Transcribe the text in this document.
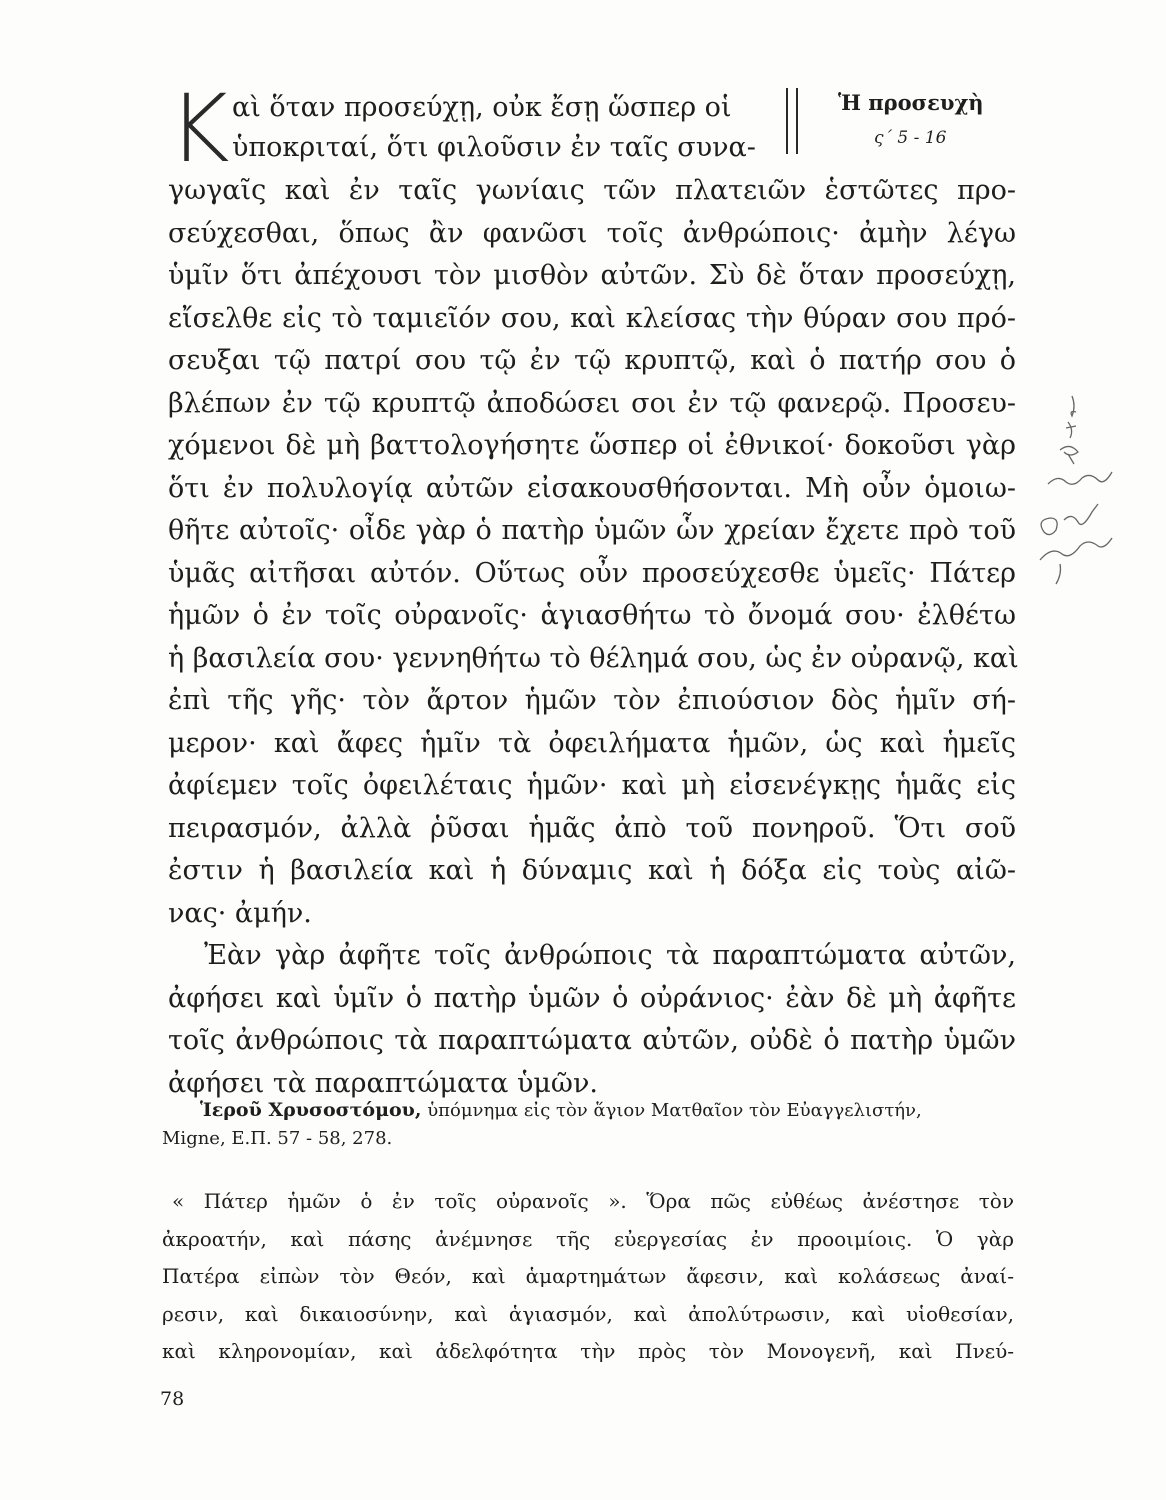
Κ αὶ ὅταν προσεύχῃ, οὐκ ἔσῃ ὥσπερ οἱ
ὑποκριταί, ὅτι φιλοῦσιν ἐν ταῖς συνα-
Ἡ προσευχὴ
ς´ 5 - 16
γωγαῖς καὶ ἐν ταῖς γωνίαις τῶν πλατειῶν ἑστῶτες προ-
σεύχεσθαι, ὅπως ἂν φανῶσι τοῖς ἀνθρώποις· ἀμὴν λέγω
ὑμῖν ὅτι ἀπέχουσι τὸν μισθὸν αὐτῶν. Σὺ δὲ ὅταν προσεύχῃ,
εἴσελθε εἰς τὸ ταμιεῖόν σου, καὶ κλείσας τὴν θύραν σου πρό-
σευξαι τῷ πατρί σου τῷ ἐν τῷ κρυπτῷ, καὶ ὁ πατήρ σου ὁ
βλέπων ἐν τῷ κρυπτῷ ἀποδώσει σοι ἐν τῷ φανερῷ. Προσευ-
χόμενοι δὲ μὴ βαττολογήσητε ὥσπερ οἱ ἐθνικοί· δοκοῦσι γὰρ
ὅτι ἐν πολυλογίᾳ αὐτῶν εἰσακουσθήσονται. Μὴ οὖν ὁμοιω-
θῆτε αὐτοῖς· οἶδε γὰρ ὁ πατὴρ ὑμῶν ὧν χρείαν ἔχετε πρὸ τοῦ
ὑμᾶς αἰτῆσαι αὐτόν. Οὕτως οὖν προσεύχεσθε ὑμεῖς· Πάτερ
ἡμῶν ὁ ἐν τοῖς οὐρανοῖς· ἁγιασθήτω τὸ ὄνομά σου· ἐλθέτω
ἡ βασιλεία σου· γεννηθήτω τὸ θέλημά σου, ὡς ἐν οὐρανῷ, καὶ
ἐπὶ τῆς γῆς· τὸν ἄρτον ἡμῶν τὸν ἐπιούσιον δὸς ἡμῖν σή-
μερον· καὶ ἄφες ἡμῖν τὰ ὀφειλήματα ἡμῶν, ὡς καὶ ἡμεῖς
ἀφίεμεν τοῖς ὀφειλέταις ἡμῶν· καὶ μὴ εἰσενέγκῃς ἡμᾶς εἰς
πειρασμόν, ἀλλὰ ῥῦσαι ἡμᾶς ἀπὸ τοῦ πονηροῦ. Ὅτι σοῦ
ἐστιν ἡ βασιλεία καὶ ἡ δύναμις καὶ ἡ δόξα εἰς τοὺς αἰῶ-
νας· ἀμήν.
Ἐὰν γὰρ ἀφῆτε τοῖς ἀνθρώποις τὰ παραπτώματα αὐτῶν,
ἀφήσει καὶ ὑμῖν ὁ πατὴρ ὑμῶν ὁ οὐράνιος· ἐὰν δὲ μὴ ἀφῆτε
τοῖς ἀνθρώποις τὰ παραπτώματα αὐτῶν, οὐδὲ ὁ πατὴρ ὑμῶν
ἀφήσει τὰ παραπτώματα ὑμῶν.
Ἱεροῦ Χρυσοστόμου, ὑπόμνημα εἰς τὸν ἅγιον Ματθαῖον τὸν Εὐαγγελιστήν,
Migne, Ε.Π. 57 - 58, 278.
« Πάτερ ἡμῶν ὁ ἐν τοῖς οὐρανοῖς ». Ὅρα πῶς εὐθέως ἀνέστησε τὸν
ἀκροατήν, καὶ πάσης ἀνέμνησε τῆς εὐεργεσίας ἐν προοιμίοις. Ὁ γὰρ
Πατέρα εἰπὼν τὸν Θεόν, καὶ ἁμαρτημάτων ἄφεσιν, καὶ κολάσεως ἀναί-
ρεσιν, καὶ δικαιοσύνην, καὶ ἁγιασμόν, καὶ ἀπολύτρωσιν, καὶ υἱοθεσίαν,
καὶ κληρονομίαν, καὶ ἀδελφότητα τὴν πρὸς τὸν Μονογενῆ, καὶ Πνεύ-
78
